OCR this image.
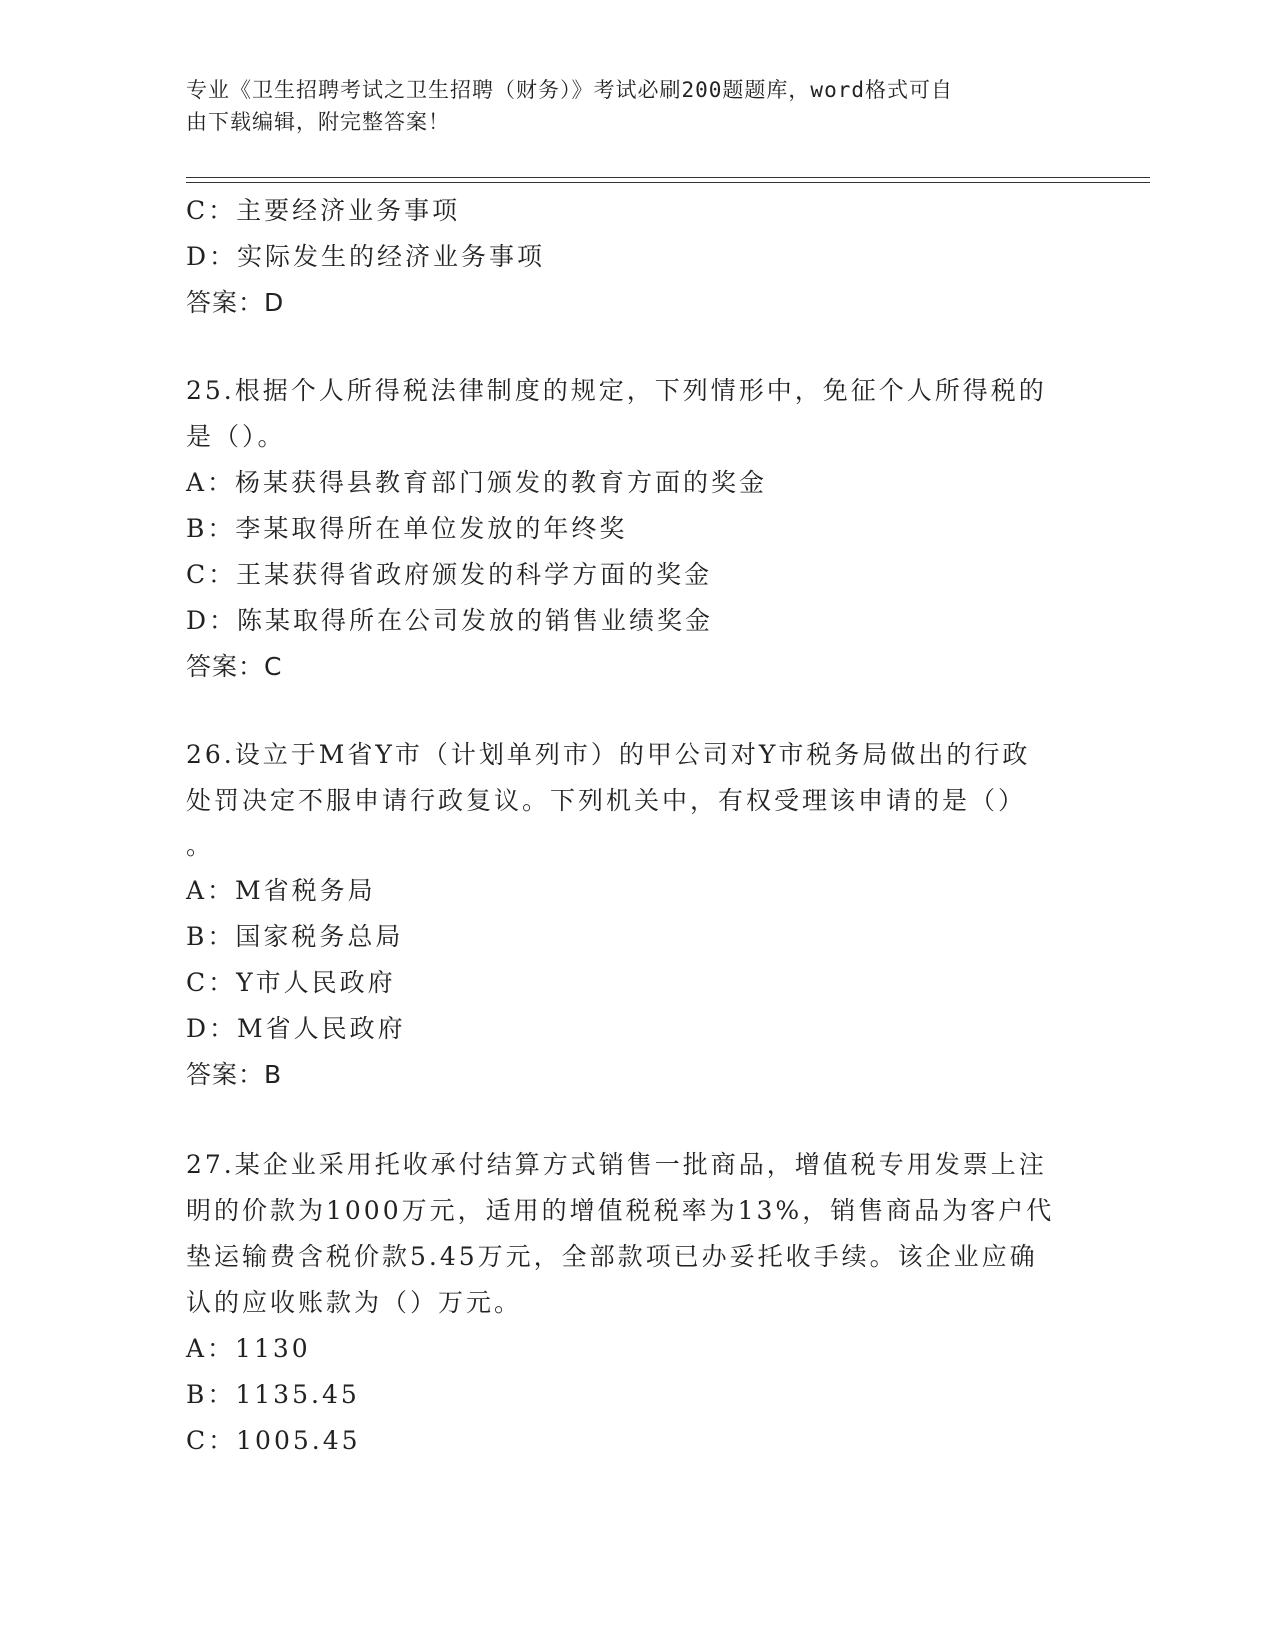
专业《卫生招聘考试之卫生招聘（财务）》考试必刷200题题库，word格式可自
由下载编辑，附完整答案！
C：主要经济业务事项
D：实际发生的经济业务事项
答案：D
25.根据个人所得税法律制度的规定，下列情形中，免征个人所得税的
是（）。
A：杨某获得县教育部门颁发的教育方面的奖金
B：李某取得所在单位发放的年终奖
C：王某获得省政府颁发的科学方面的奖金
D：陈某取得所在公司发放的销售业绩奖金
答案：C
26.设立于M省Y市（计划单列市）的甲公司对Y市税务局做出的行政
处罚决定不服申请行政复议。下列机关中，有权受理该申请的是（）
。
A：M省税务局
B：国家税务总局
C：Y市人民政府
D：M省人民政府
答案：B
27.某企业采用托收承付结算方式销售一批商品，增值税专用发票上注
明的价款为1000万元，适用的增值税税率为13%，销售商品为客户代
垫运输费含税价款5.45万元，全部款项已办妥托收手续。该企业应确
认的应收账款为（）万元。
A：1130
B：1135.45
C：1005.45
